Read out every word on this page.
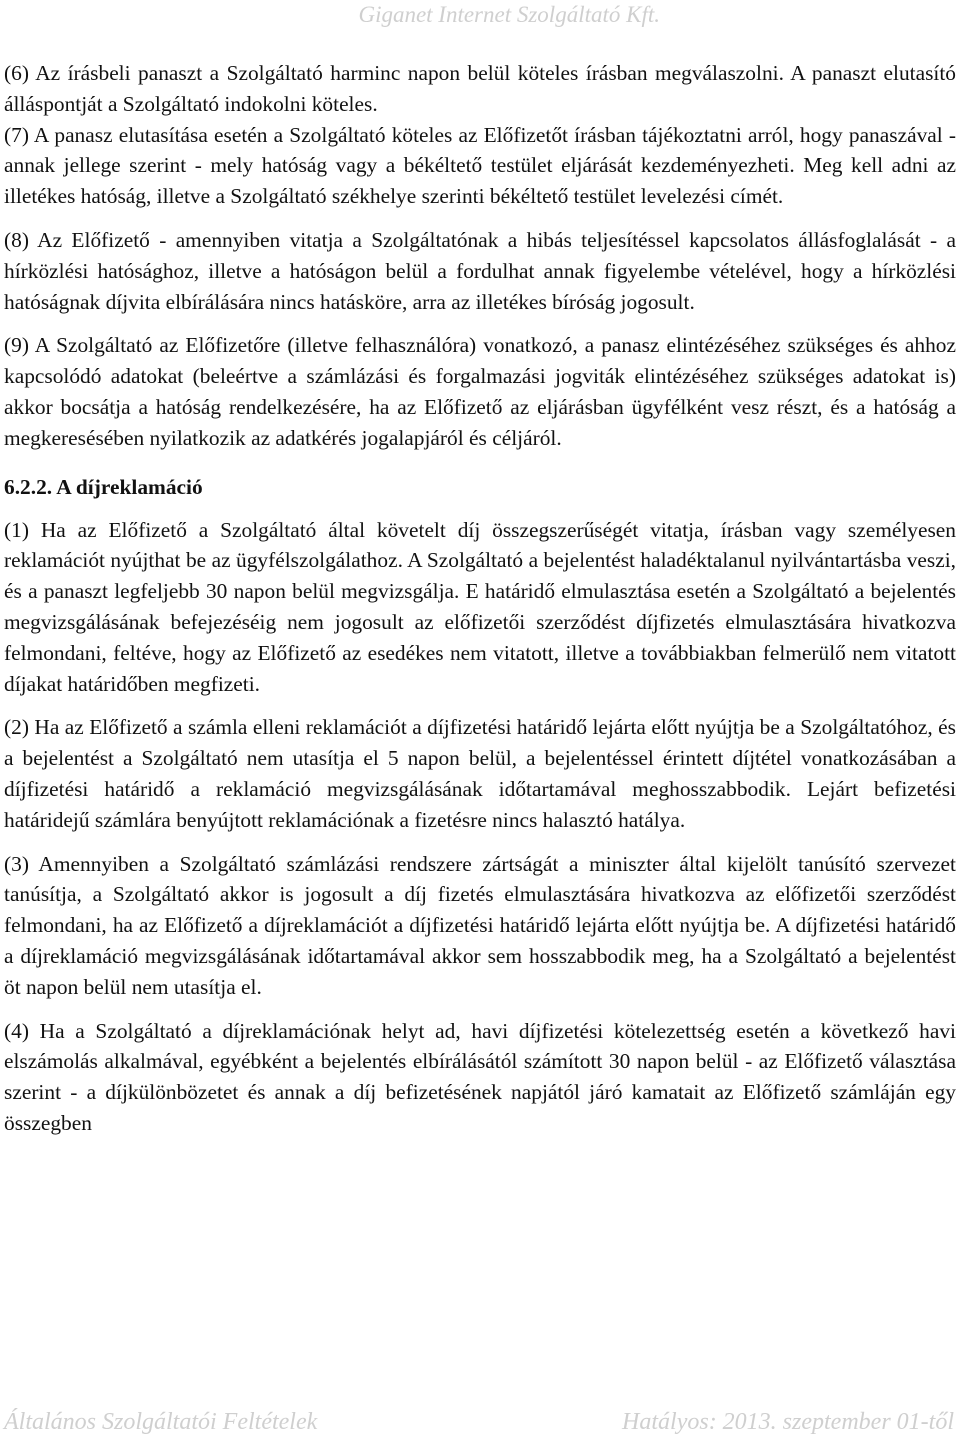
Giganet Internet Szolgáltató Kft.

(6) Az írásbeli panaszt a Szolgáltató harminc napon belül köteles írásban megválaszolni. A panaszt elutasító álláspontját a Szolgáltató indokolni köteles.

(7) A panasz elutasítása esetén a Szolgáltató köteles az Előfizetőt írásban tájékoztatni arról, hogy panaszával - annak jellege szerint - mely hatóság vagy a békéltető testület eljárását kezdeményezheti. Meg kell adni az illetékes hatóság, illetve a Szolgáltató székhelye szerinti békéltető testület levelezési címét.

(8) Az Előfizető - amennyiben vitatja a Szolgáltatónak a hibás teljesítéssel kapcsolatos állásfoglalását - a hírközlési hatósághoz, illetve a hatóságon belül a fordulhat annak figyelembe vételével, hogy a hírközlési hatóságnak díjvita elbírálására nincs hatásköre, arra az illetékes bíróság jogosult.

(9) A Szolgáltató az Előfizetőre (illetve felhasználóra) vonatkozó, a panasz elintézéséhez szükséges és ahhoz kapcsolódó adatokat (beleértve a számlázási és forgalmazási jogviták elintézéséhez szükséges adatokat is) akkor bocsátja a hatóság rendelkezésére, ha az Előfizető az eljárásban ügyfélként vesz részt, és a hatóság a megkeresésében nyilatkozik az adatkérés jogalapjáról és céljáról.

6.2.2. A díjreklamáció

(1) Ha az Előfizető a Szolgáltató által követelt díj összegszerűségét vitatja, írásban vagy személyesen reklamációt nyújthat be az ügyfélszolgálathoz. A Szolgáltató a bejelentést haladéktalanul nyilvántartásba veszi, és a panaszt legfeljebb 30 napon belül megvizsgálja. E határidő elmulasztása esetén a Szolgáltató a bejelentés megvizsgálásának befejezéséig nem jogosult az előfizetői szerződést díjfizetés elmulasztására hivatkozva felmondani, feltéve, hogy az Előfizető az esedékes nem vitatott, illetve a továbbiakban felmerülő nem vitatott díjakat határidőben megfizeti.

(2) Ha az Előfizető a számla elleni reklamációt a díjfizetési határidő lejárta előtt nyújtja be a Szolgáltatóhoz, és a bejelentést a Szolgáltató nem utasítja el 5 napon belül, a bejelentéssel érintett díjtétel vonatkozásában a díjfizetési határidő a reklamáció megvizsgálásának időtartamával meghosszabbodik. Lejárt befizetési határidejű számlára benyújtott reklamációnak a fizetésre nincs halasztó hatálya.

(3) Amennyiben a Szolgáltató számlázási rendszere zártságát a miniszter által kijelölt tanúsító szervezet tanúsítja, a Szolgáltató akkor is jogosult a díj fizetés elmulasztására hivatkozva az előfizetői szerződést felmondani, ha az Előfizető a díjreklamációt a díjfizetési határidő lejárta előtt nyújtja be. A díjfizetési határidő a díjreklamáció megvizsgálásának időtartamával akkor sem hosszabbodik meg, ha a Szolgáltató a bejelentést öt napon belül nem utasítja el.

(4) Ha a Szolgáltató a díjreklamációnak helyt ad, havi díjfizetési kötelezettség esetén a következő havi elszámolás alkalmával, egyébként a bejelentés elbírálásától számított 30 napon belül - az Előfizető választása szerint - a díjkülönbözetet és annak a díj befizetésének napjától járó kamatait az Előfizető számláján egy összegben

Általános Szolgáltatói Feltételek	Hatályos: 2013. szeptember 01-től
